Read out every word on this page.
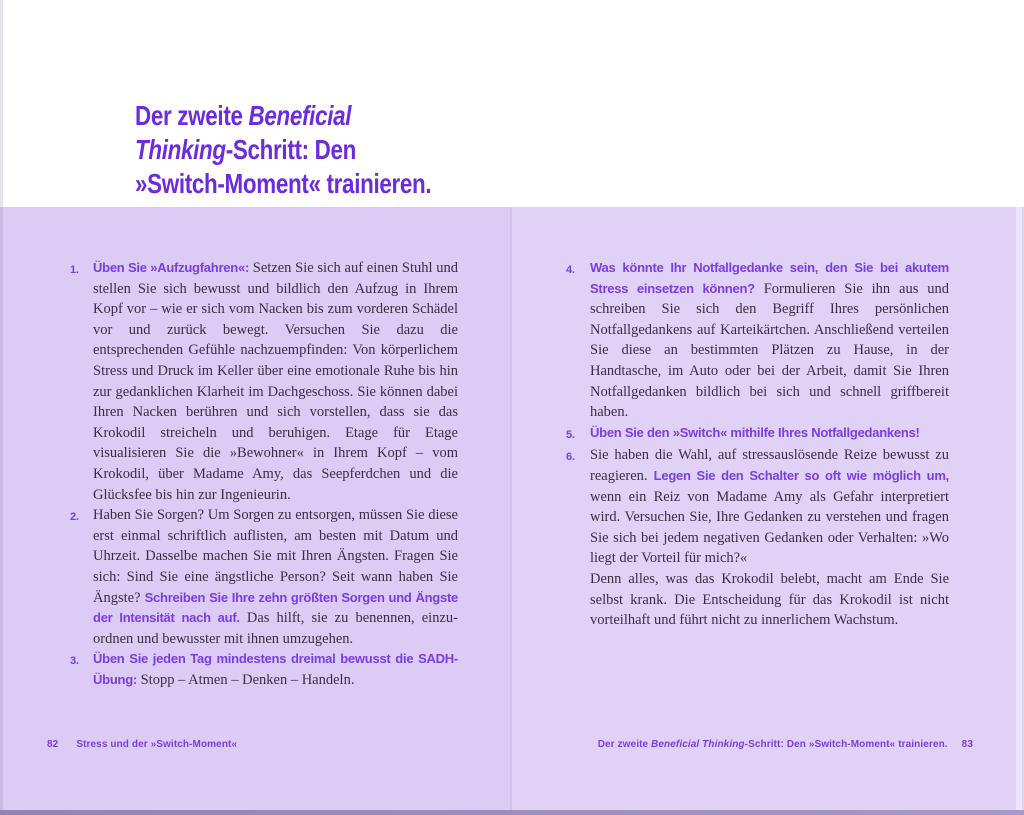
Der zweite Beneficial
Thinking-Schritt: Den
»Switch-Moment« trainieren.
1.	Üben Sie »Aufzugfahren«: Setzen Sie sich auf einen Stuhl und stellen Sie sich bewusst und bildlich den Aufzug in Ihrem Kopf vor – wie er sich vom Nacken bis zum vorderen Schädel vor und zurück bewegt. Versuchen Sie dazu die entsprechenden Gefühle nachzuempfinden: Von körperlichem Stress und Druck im Keller über eine emotionale Ruhe bis hin zur gedanklichen Klarheit im Dachgeschoss. Sie können dabei Ihren Nacken berühren und sich vorstellen, dass sie das Krokodil streicheln und beruhigen. Etage für Etage visualisieren Sie die »Bewohner« in Ihrem Kopf – vom Krokodil, über Madame Amy, das Seepferdchen und die Glücksfee bis hin zur Ingenieurin.
2. Haben Sie Sorgen? Um Sorgen zu entsorgen, müssen Sie diese erst einmal schriftlich auflisten, am besten mit Datum und Uhrzeit. Dasselbe machen Sie mit Ihren Ängsten. Fragen Sie sich: Sind Sie eine ängstliche Person? Seit wann haben Sie Ängste? Schreiben Sie Ihre zehn größten Sorgen und Ängste der Intensität nach auf. Das hilft, sie zu benennen, einzuordnen und bewusster mit ihnen umzugehen.
3.	Üben Sie jeden Tag mindestens dreimal bewusst die SADH-Übung: Stopp – Atmen – Denken – Handeln.
4.	Was könnte Ihr Notfallgedanke sein, den Sie bei akutem Stress einsetzen können? Formulieren Sie ihn aus und schreiben Sie sich den Begriff Ihres persönlichen Notfallgedankens auf Karteikärtchen. Anschließend verteilen Sie diese an bestimmten Plätzen zu Hause, in der Handtasche, im Auto oder bei der Arbeit, damit Sie Ihren Notfallgedanken bildlich bei sich und schnell griffbereit haben.
5.	Üben Sie den »Switch« mithilfe Ihres Notfallgedankens!
6.	Sie haben die Wahl, auf stressauslösende Reize bewusst zu reagieren. Legen Sie den Schalter so oft wie möglich um, wenn ein Reiz von Madame Amy als Gefahr interpretiert wird. Versuchen Sie, Ihre Gedanken zu verstehen und fragen Sie sich bei jedem negativen Gedanken oder Verhalten: »Wo liegt der Vorteil für mich?«
Denn alles, was das Krokodil belebt, macht am Ende Sie selbst krank. Die Entscheidung für das Krokodil ist nicht vorteilhaft und führt nicht zu innerlichem Wachstum.
82 Stress und der »Switch-Moment«	Der zweite Beneficial Thinking-Schritt: Den »Switch-Moment« trainieren. 83
